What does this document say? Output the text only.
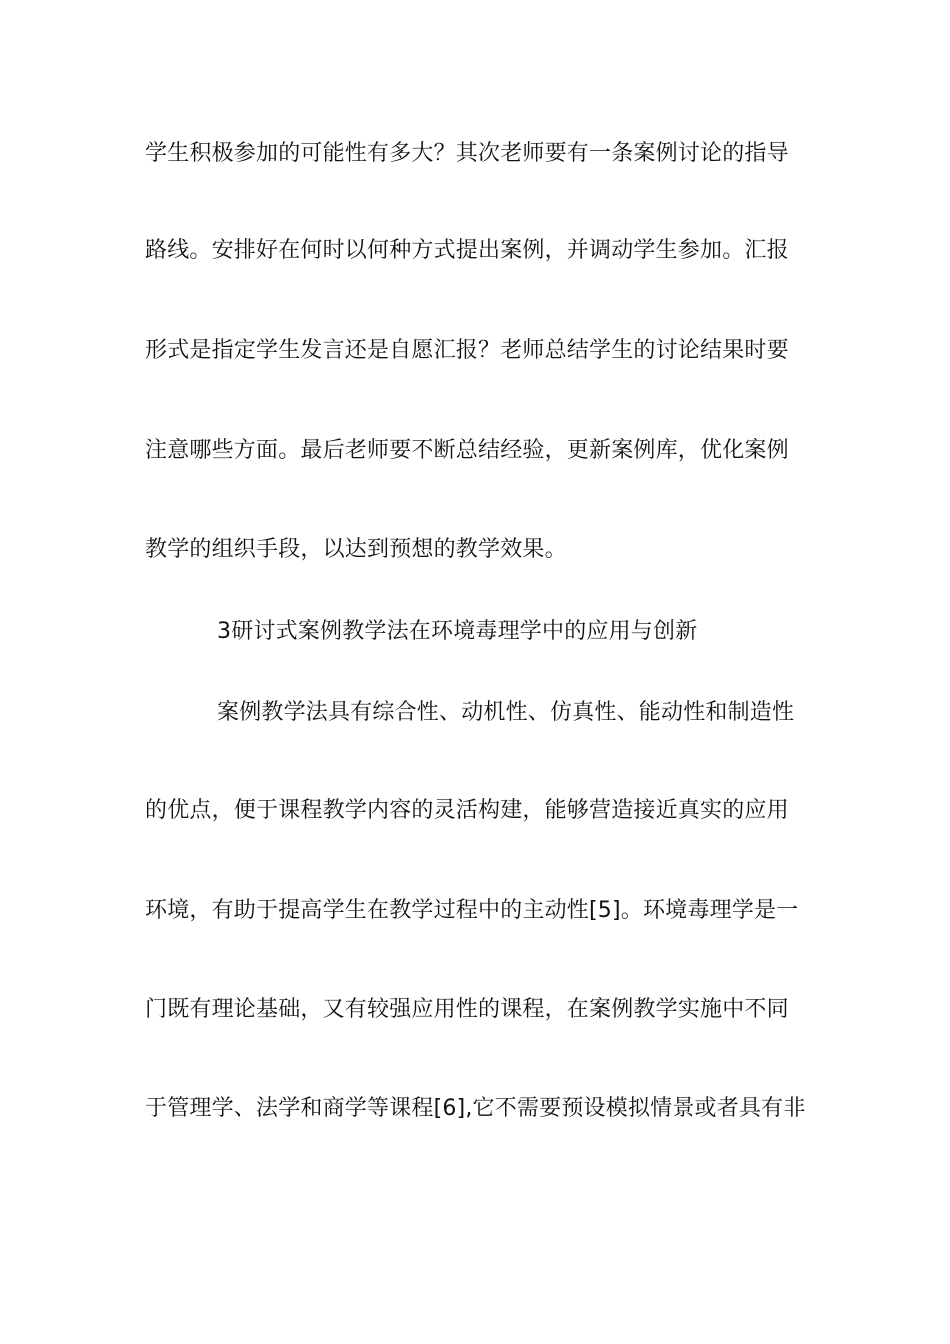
学生积极参加的可能性有多大？其次老师要有一条案例讨论的指导
路线。安排好在何时以何种方式提出案例，并调动学生参加。汇报
形式是指定学生发言还是自愿汇报？老师总结学生的讨论结果时要
注意哪些方面。最后老师要不断总结经验，更新案例库，优化案例
教学的组织手段，以达到预想的教学效果。
3研讨式案例教学法在环境毒理学中的应用与创新
案例教学法具有综合性、动机性、仿真性、能动性和制造性
的优点，便于课程教学内容的灵活构建，能够营造接近真实的应用
环境，有助于提高学生在教学过程中的主动性[5]。环境毒理学是一
门既有理论基础，又有较强应用性的课程，在案例教学实施中不同
于管理学、法学和商学等课程[6],它不需要预设模拟情景或者具有非
